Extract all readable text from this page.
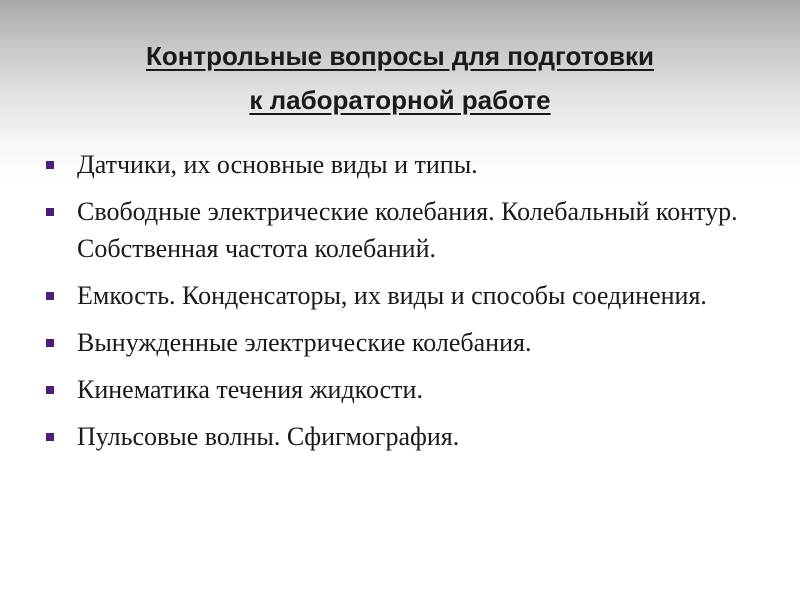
Контрольные вопросы для подготовки
к лабораторной работе
Датчики, их основные виды и типы.
Свободные электрические колебания. Колебальный контур. Собственная частота колебаний.
Емкость. Конденсаторы, их виды и способы соединения.
Вынужденные электрические колебания.
Кинематика течения жидкости.
Пульсовые волны. Сфигмография.
